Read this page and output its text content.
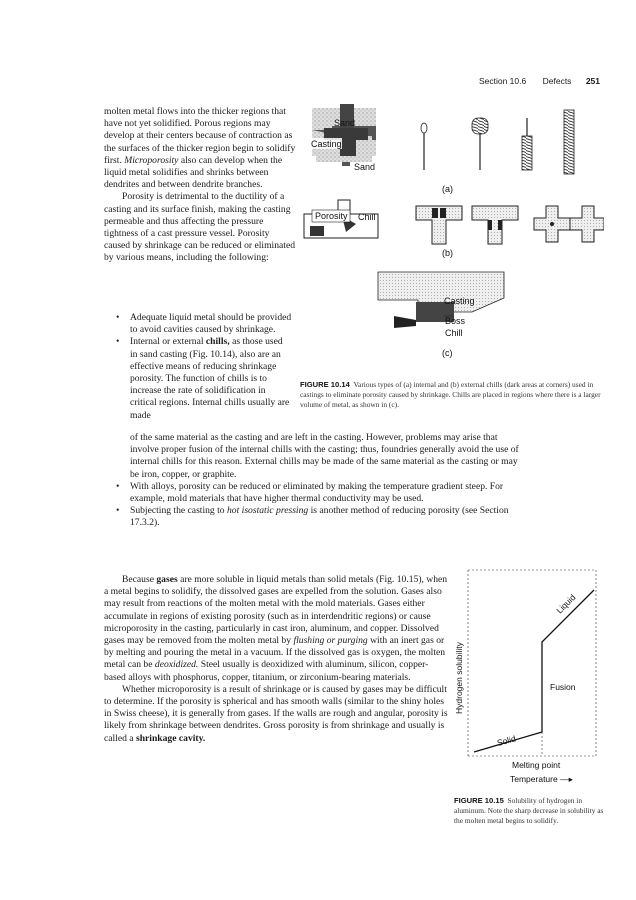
Section 10.6 Defects 251

molten metal flows into the thicker regions that have not yet solidified. Porous regions may develop at their centers because of contraction as the surfaces of the thicker region begin to solidify first. Microporosity also can develop when the liquid metal solidifies and shrinks between dendrites and between dendrite branches.

Porosity is detrimental to the ductility of a casting and its surface finish, making the casting permeable and thus affecting the pressure tightness of a cast pressure vessel. Porosity caused by shrinkage can be reduced or eliminated by various means, including the following:

• Adequate liquid metal should be provided to avoid cavities caused by shrinkage.
• Internal or external chills, as those used in sand casting (Fig. 10.14), also are an effective means of reducing shrinkage porosity. The function of chills is to increase the rate of solidification in critical regions. Internal chills usually are made

of the same material as the casting and are left in the casting. However, problems may arise that involve proper fusion of the internal chills with the casting; thus, foundries generally avoid the use of internal chills for this reason. External chills may be made of the same material as the casting or may be iron, copper, or graphite.

• With alloys, porosity can be reduced or eliminated by making the temperature gradient steep. For example, mold materials that have higher thermal conductivity may be used.
• Subjecting the casting to hot isostatic pressing is another method of reducing porosity (see Section 17.3.2).

Because gases are more soluble in liquid metals than solid metals (Fig. 10.15), when a metal begins to solidify, the dissolved gases are expelled from the solution. Gases also may result from reactions of the molten metal with the mold materials. Gases either accumulate in regions of existing porosity (such as in interdendritic regions) or cause microporosity in the casting, particularly in cast iron, aluminum, and copper. Dissolved gases may be removed from the molten metal by flushing or purging with an inert gas or by melting and pouring the metal in a vacuum. If the dissolved gas is oxygen, the molten metal can be deoxidized. Steel usually is deoxidized with aluminum, silicon, copper-based alloys with phosphorus, copper, titanium, or zirconium-bearing materials.

Whether microporosity is a result of shrinkage or is caused by gases may be difficult to determine. If the porosity is spherical and has smooth walls (similar to the shiny holes in Swiss cheese), it is generally from gases. If the walls are rough and angular, porosity is likely from shrinkage between dendrites. Gross porosity is from shrinkage and usually is called a shrinkage cavity.

Sand
Casting
Sand
(a)
Porosity Chill
(b)
Casting
Boss
Chill
(c)
FIGURE 10.14 Various types of (a) internal and (b) external chills (dark areas at corners) used in castings to eliminate porosity caused by shrinkage. Chills are placed in regions where there is a larger volume of metal, as shown in (c).
Hydrogen solubility
Liquid
Fusion
Solid
Melting point
Temperature —▸
FIGURE 10.15 Solubility of hydrogen in aluminum. Note the sharp decrease in solubility as the molten metal begins to solidify.
